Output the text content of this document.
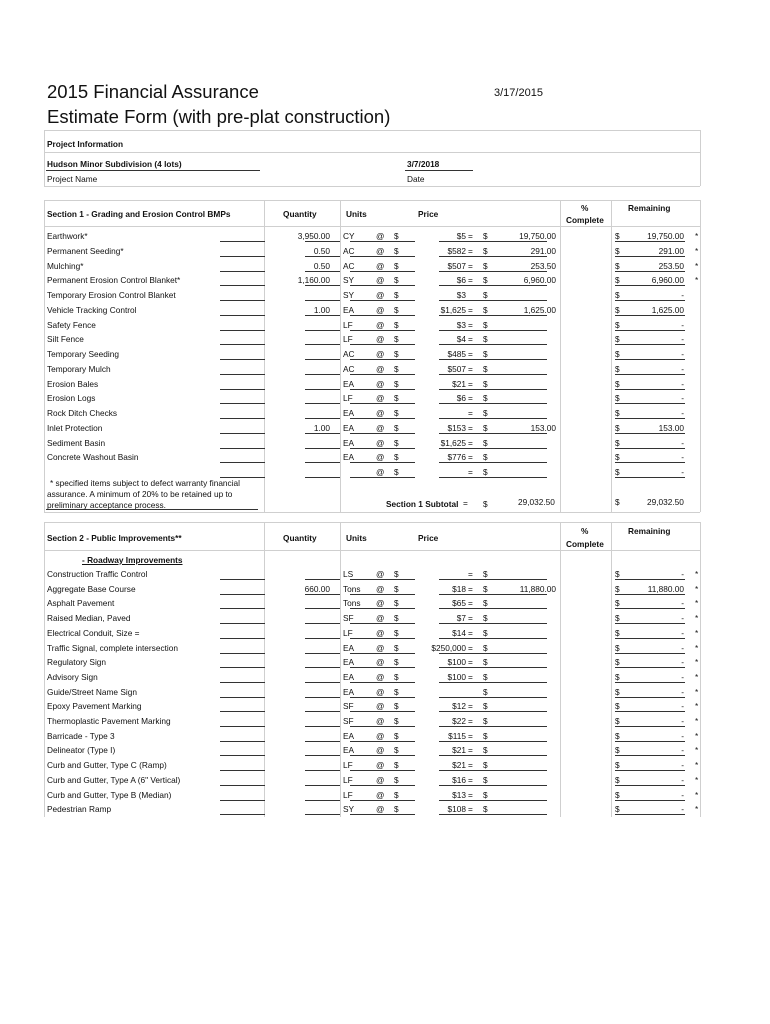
2015 Financial Assurance
Estimate Form (with pre-plat construction)
3/17/2015
Project Information
Hudson Minor Subdivision (4 lots)
Project Name
3/7/2018
Date
Section 1 - Grading and Erosion Control BMPs	Quantity	Units	Price
%
Complete
Remaining
Earthwork*	3,950.00 CY	@ $	$5 = $	19,750.00	$	19,750.00 *
Permanent Seeding*	0.50 AC	@ $	$582 = $	291.00	$	291.00 *
Mulching*	0.50 AC	@ $	$507 = $	253.50	$	253.50 *
Permanent Erosion Control Blanket*	1,160.00 SY	@ $	$6 = $	6,960.00	$	6,960.00 *
Temporary Erosion Control Blanket	SY	@ $	$3 $	$	-
Vehicle Tracking Control	1.00 EA	@ $	$1,625 = $	1,625.00	$	1,625.00
Safety Fence	LF	@ $	$3 = $	$	-
Silt Fence	LF	@ $	$4 = $	$	-
Temporary Seeding	AC	@ $	$485 = $	$	-
Temporary Mulch	AC	@ $	$507 = $	$	-
Erosion Bales	EA	@ $	$21 = $	$	-
Erosion Logs	LF	@ $	$6 = $	$	-
Rock Ditch Checks	EA	@ $	= $	$	-
Inlet Protection	1.00 EA	@ $	$153 = $	153.00	$	153.00
Sediment Basin	EA	@ $	$1,625 = $	$	-
Concrete Washout Basin	EA	@ $	$776 = $	$	-
@ $	= $	$	-
* specified items subject to defect warranty financial
assurance. A minimum of 20% to be retained up to
preliminary acceptance process.	Section 1 Subtotal = $	29,032.50	$	29,032.50
Section 2 - Public Improvements**	Quantity	Units	Price
%
Complete
Remaining
- Roadway Improvements
Construction Traffic Control	LS	@ $	= $	$	- *
Aggregate Base Course	660.00 Tons @ $	$18 = $	11,880.00	$	11,880.00 *
Asphalt Pavement	Tons @ $	$65 = $	$	- *
Raised Median, Paved	SF	@ $	$7 = $	$	- *
Electrical Conduit, Size =	LF	@ $	$14 = $	$	- *
Traffic Signal, complete intersection	EA	@ $	$250,000 = $	$	- *
Regulatory Sign	EA	@ $	$100 = $	$	- *
Advisory Sign	EA	@ $	$100 = $	$	- *
Guide/Street Name Sign	EA	@ $	$	$	- *
Epoxy Pavement Marking	SF	@ $	$12 = $	$	- *
Thermoplastic Pavement Marking	SF	@ $	$22 = $	$	- *
Barricade - Type 3	EA	@ $	$115 = $	$	- *
Delineator (Type I)	EA	@ $	$21 = $	$	- *
Curb and Gutter, Type C (Ramp)	LF	@ $	$21 = $	$	- *
Curb and Gutter, Type A (6" Vertical)	LF	@ $	$16 = $	$	- *
Curb and Gutter, Type B (Median)	LF	@ $	$13 = $	$	- *
Pedestrian Ramp	SY	@ $	$108 = $	$	- *
